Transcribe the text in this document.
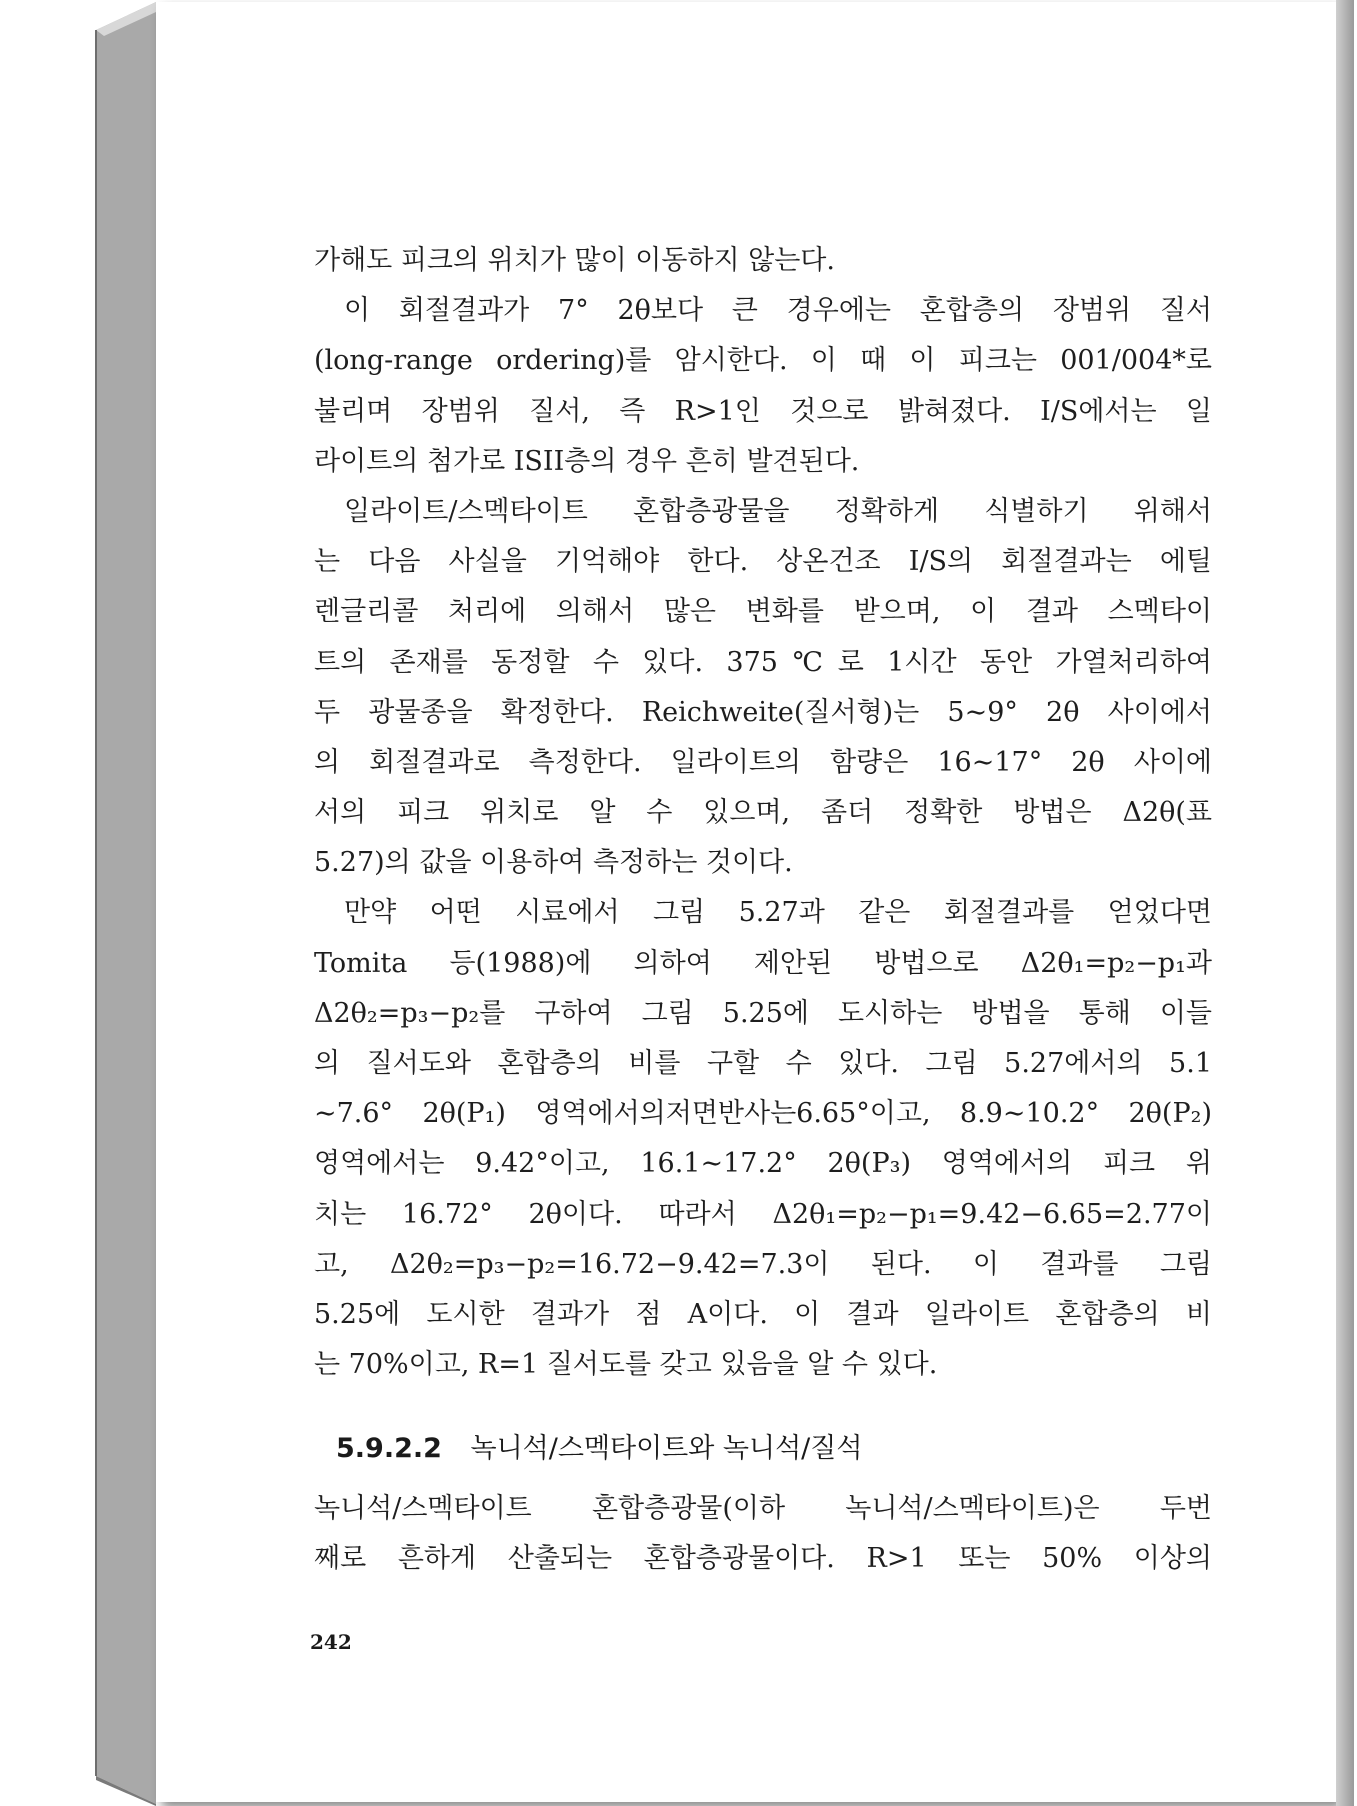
가해도 피크의 위치가 많이 이동하지 않는다.
이 회절결과가 7° 2θ보다 큰 경우에는 혼합층의 장범위 질서
(long-range ordering)를 암시한다. 이 때 이 피크는 001/004*로
불리며 장범위 질서, 즉 R>1인 것으로 밝혀졌다. I/S에서는 일
라이트의 첨가로 ISII층의 경우 흔히 발견된다.
일라이트/스멕타이트 혼합층광물을 정확하게 식별하기 위해서
는 다음 사실을 기억해야 한다. 상온건조 I/S의 회절결과는 에틸
렌글리콜 처리에 의해서 많은 변화를 받으며, 이 결과 스멕타이
트의 존재를 동정할 수 있다. 375℃로 1시간 동안 가열처리하여
두 광물종을 확정한다. Reichweite(질서형)는 5∼9° 2θ 사이에서
의 회절결과로 측정한다. 일라이트의 함량은 16∼17° 2θ 사이에
서의 피크 위치로 알 수 있으며, 좀더 정확한 방법은 Δ2θ(표
5.27)의 값을 이용하여 측정하는 것이다.
만약 어떤 시료에서 그림 5.27과 같은 회절결과를 얻었다면
Tomita 등(1988)에 의하여 제안된 방법으로 Δ2θ₁=p₂−p₁과
Δ2θ₂=p₃−p₂를 구하여 그림 5.25에 도시하는 방법을 통해 이들
의 질서도와 혼합층의 비를 구할 수 있다. 그림 5.27에서의 5.1
∼7.6° 2θ(P₁) 영역에서의저면반사는6.65°이고, 8.9∼10.2° 2θ(P₂)
영역에서는 9.42°이고, 16.1∼17.2° 2θ(P₃) 영역에서의 피크 위
치는 16.72° 2θ이다. 따라서 Δ2θ₁=p₂−p₁=9.42−6.65=2.77이
고, Δ2θ₂=p₃−p₂=16.72−9.42=7.3이 된다. 이 결과를 그림
5.25에 도시한 결과가 점 A이다. 이 결과 일라이트 혼합층의 비
는 70%이고, R=1 질서도를 갖고 있음을 알 수 있다.
5.9.2.2 녹니석/스멕타이트와 녹니석/질석
녹니석/스멕타이트 혼합층광물(이하 녹니석/스멕타이트)은 두번
째로 흔하게 산출되는 혼합층광물이다. R>1 또는 50% 이상의
242
